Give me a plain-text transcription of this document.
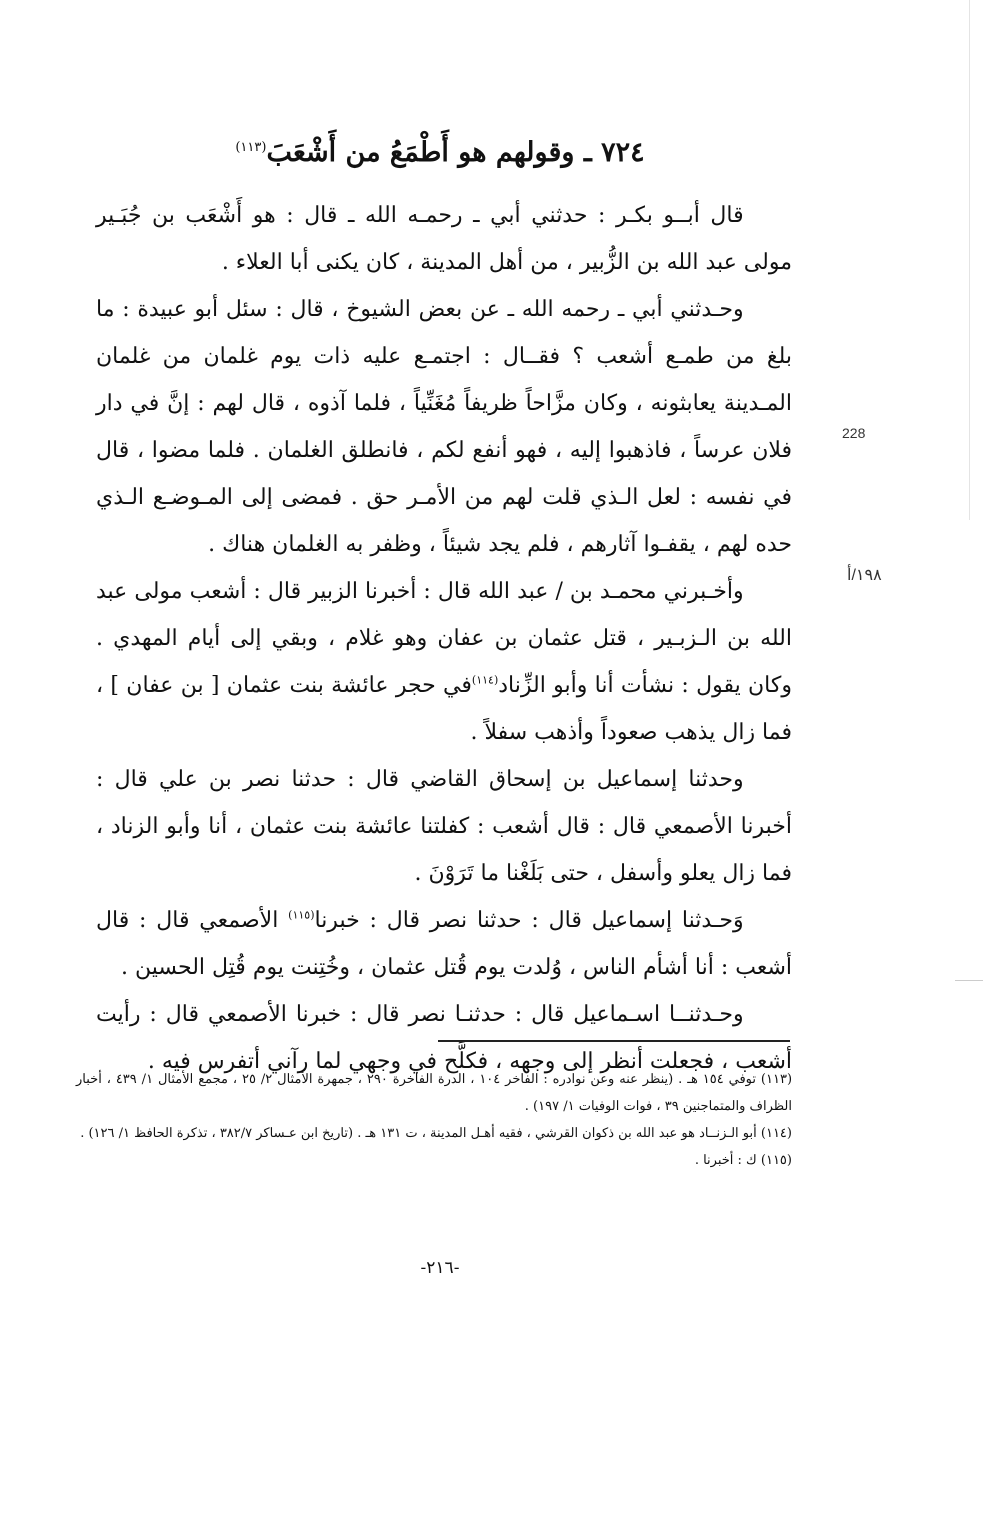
٧٢٤ ـ وقولهم هو أَطْمَعُ من أَشْعَبَ$^{(١١٣)}$

قال أبــو بكـر : حدثني أبي ـ رحمـه الله ـ قال : هو أَشْعَب بن جُبَـير مولى عبد الله بن الزُّبير ، من أهل المدينة ، كان يكنى أبا العلاء .

وحـدثني أبي ـ رحمه الله ـ عن بعض الشيوخ ، قال : سئل أبو عبيدة : ما بلغ من طمـع أشعب ؟ فقــال : اجتمـع عليه ذات يوم غلمان من غلمان المـدينة يعابثونه ، وكان مزَّاحاً ظريفاً مُغَنِّياً ، فلما آذوه ، قال لهم : إنَّ في دار فلان عرساً ، فاذهبوا إليه ، فهو أنفع لكم ، فانطلق الغلمان . فلما مضوا ، قال في نفسه : لعل الـذي قلت لهم من الأمـر حق . فمضى إلى المـوضـع الـذي حده لهم ، يقفـوا آثارهم ، فلم يجد شيئاً ، وظفر به الغلمان هناك .

وأخـبرني محمـد بن / عبد الله قال : أخبرنا الزبير قال : أشعب مولى عبد الله بن الـزبـير ، قتل عثمان بن عفان وهو غلام ، وبقي إلى أيام المهدي . وكان يقول : نشأت أنا وأبو الزِّناد$^{(١١٤)}$في حجر عائشة بنت عثمان [ بن عفان ] ، فما زال يذهب صعوداً وأذهب سفلاً .

وحدثنا إسماعيل بن إسحاق القاضي قال : حدثنا نصر بن علي قال : أخبرنا الأصمعي قال : قال أشعب : كفلتنا عائشة بنت عثمان ، أنا وأبو الزناد ، فما زال يعلو وأسفل ، حتى بَلَغْنا ما تَرَوْنَ .

وَحـدثنا إسماعيل قال : حدثنا نصر قال : خبرنا$^{(١١٥)}$ الأصمعي قال : قال أشعب : أنا أشأم الناس ، وُلدت يوم قُتل عثمان ، وخُتِنت يوم قُتِل الحسين .

وحـدثنــا اسـماعيل قال : حدثنـا نصر قال : خبرنا الأصمعي قال : رأيت أشعب ، فجعلت أنظر إلى وجهه ، فكلَّح في وجهي لما رآني أتفرس فيه .

228
١٩٨/أ

(١١٣) توفي ١٥٤ هـ . (ينظر عنه وعن نوادره : الفاخر ١٠٤ ، الدرة الفاخرة ٢٩٠ ، جمهرة الأمثال ٢/ ٢٥ ، مجمع الأمثال ١/ ٤٣٩ ، أخبار الظراف والمتماجنين ٣٩ ، فوات الوفيات ١/ ١٩٧) .

(١١٤) أبو الـزنــاد هو عبد الله بن ذكوان القرشي ، فقيه أهـل المدينة ، ت ١٣١ هـ . (تاريخ ابن عـساكر ٣٨٢/٧ ، تذكرة الحافظ ١/ ١٢٦) .

(١١٥) ك : أخبرنا .

-٢١٦-
